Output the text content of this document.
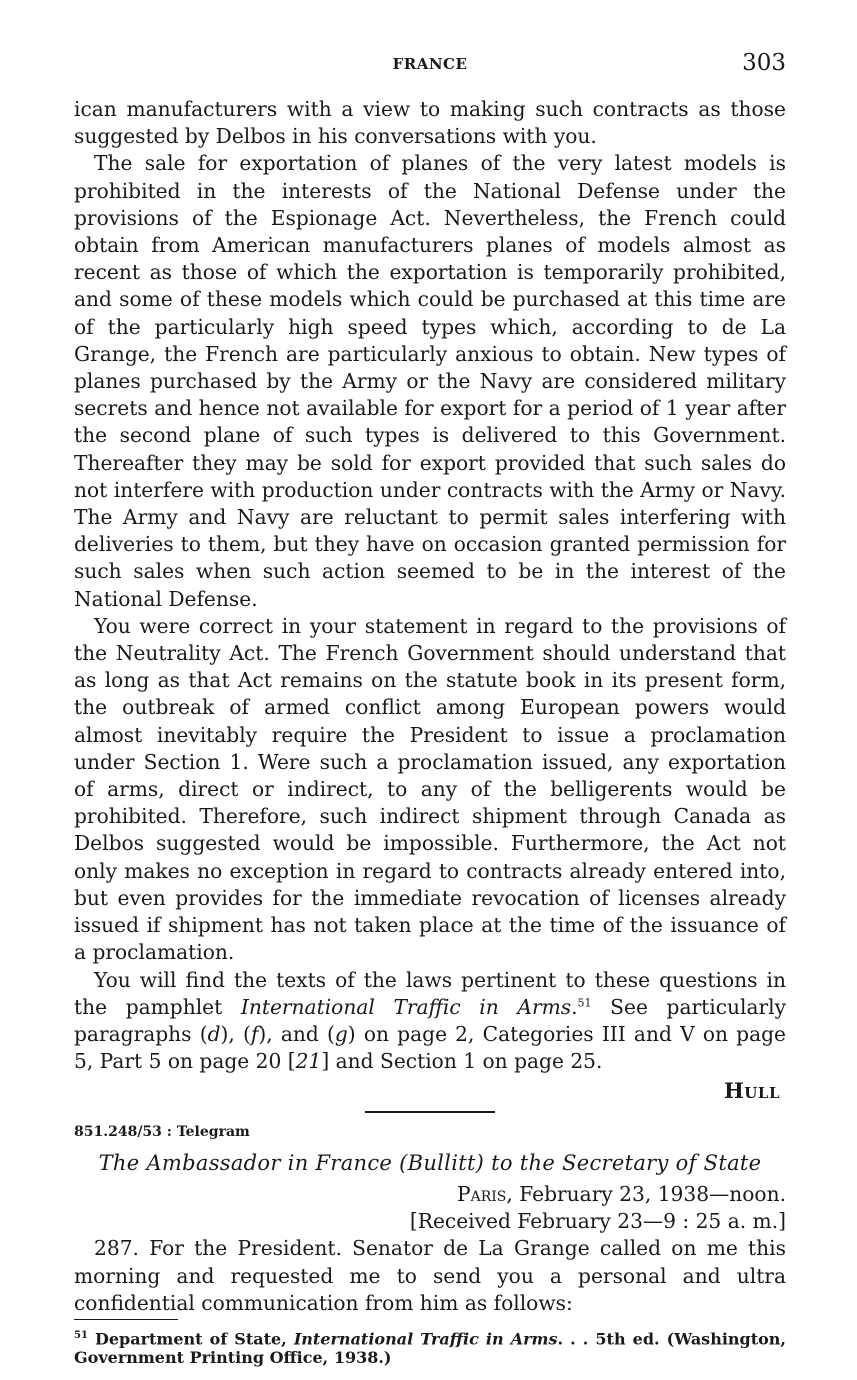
FRANCE	303

ican manufacturers with a view to making such contracts as those suggested by Delbos in his conversations with you.

The sale for exportation of planes of the very latest models is prohibited in the interests of the National Defense under the provisions of the Espionage Act. Nevertheless, the French could obtain from American manufacturers planes of models almost as recent as those of which the exportation is temporarily prohibited, and some of these models which could be purchased at this time are of the particularly high speed types which, according to de La Grange, the French are particularly anxious to obtain. New types of planes purchased by the Army or the Navy are considered military secrets and hence not available for export for a period of 1 year after the second plane of such types is delivered to this Government. Thereafter they may be sold for export provided that such sales do not interfere with production under contracts with the Army or Navy. The Army and Navy are reluctant to permit sales interfering with deliveries to them, but they have on occasion granted permission for such sales when such action seemed to be in the interest of the National Defense.

You were correct in your statement in regard to the provisions of the Neutrality Act. The French Government should understand that as long as that Act remains on the statute book in its present form, the outbreak of armed conflict among European powers would almost inevitably require the President to issue a proclamation under Section 1. Were such a proclamation issued, any exportation of arms, direct or indirect, to any of the belligerents would be prohibited. Therefore, such indirect shipment through Canada as Delbos suggested would be impossible. Furthermore, the Act not only makes no exception in regard to contracts already entered into, but even provides for the immediate revocation of licenses already issued if shipment has not taken place at the time of the issuance of a proclamation.

You will find the texts of the laws pertinent to these questions in the pamphlet International Traffic in Arms.$^{51}$ See particularly paragraphs (d), (f), and (g) on page 2, Categories III and V on page 5, Part 5 on page 20 [21] and Section 1 on page 25.

Hull
851.248/53 : Telegram
The Ambassador in France (Bullitt) to the Secretary of State
Paris, February 23, 1938—noon.
[Received February 23—9 : 25 a. m.]

287. For the President. Senator de La Grange called on me this morning and requested me to send you a personal and ultra confidential communication from him as follows:

$^{51}$ Department of State, International Traffic in Arms. . . 5th ed. (Washington, Government Printing Office, 1938.)
